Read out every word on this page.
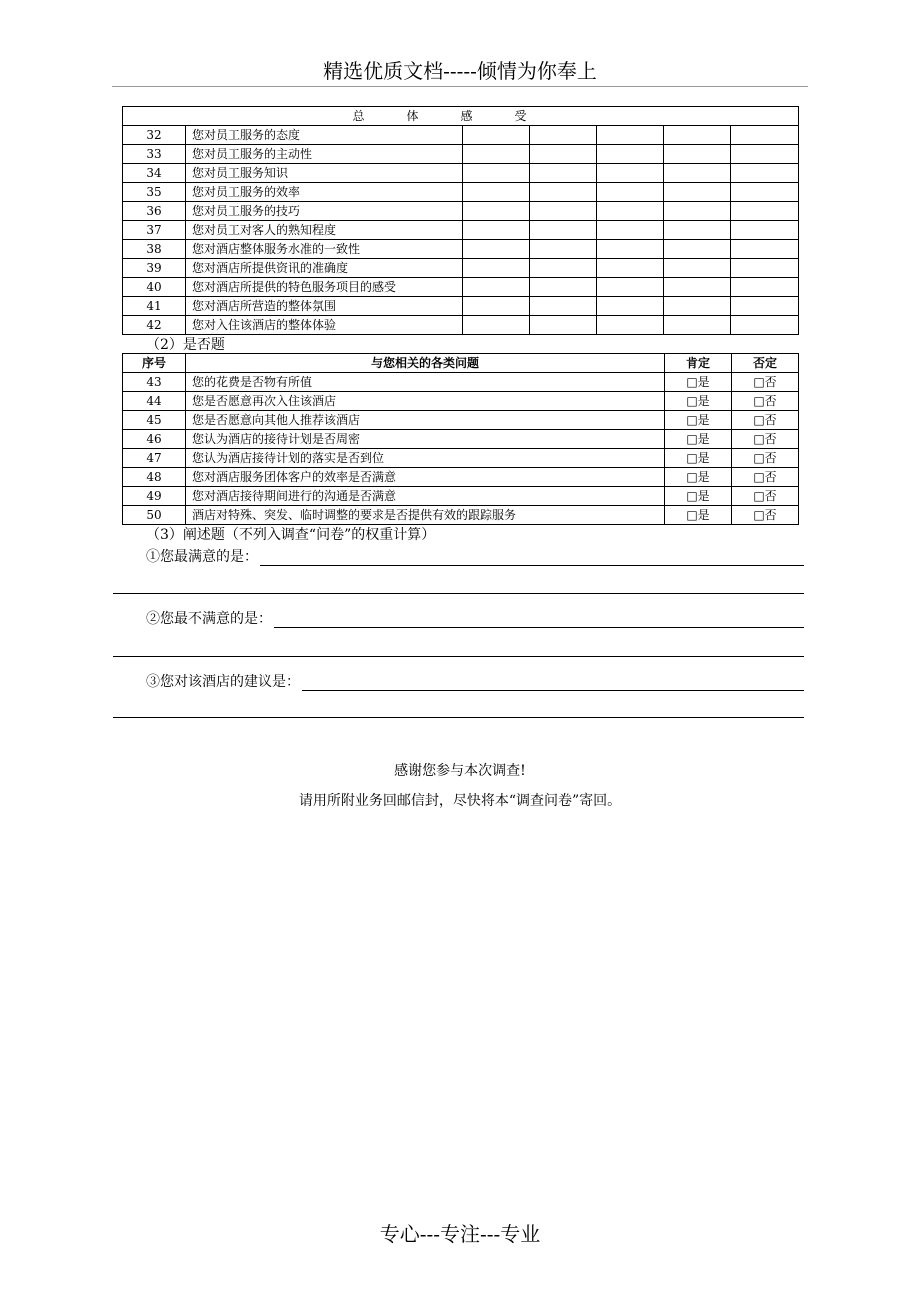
精选优质文档-----倾情为你奉上
总体感受						
32	您对员工服务的态度					
33	您对员工服务的主动性					
34	您对员工服务知识					
35	您对员工服务的效率					
36	您对员工服务的技巧					
37	您对员工对客人的熟知程度					
38	您对酒店整体服务水准的一致性					
39	您对酒店所提供资讯的准确度					
40	您对酒店所提供的特色服务项目的感受					
41	您对酒店所营造的整体氛围					
42	您对入住该酒店的整体体验					
（2）是否题
序号	与您相关的各类问题	肯定	否定
43	您的花费是否物有所值	□是	□否
44	您是否愿意再次入住该酒店	□是	□否
45	您是否愿意向其他人推荐该酒店	□是	□否
46	您认为酒店的接待计划是否周密	□是	□否
47	您认为酒店接待计划的落实是否到位	□是	□否
48	您对酒店服务团体客户的效率是否满意	□是	□否
49	您对酒店接待期间进行的沟通是否满意	□是	□否
50	酒店对特殊、突发、临时调整的要求是否提供有效的跟踪服务	□是	□否
（3）阐述题（不列入调查“问卷”的权重计算）
①您最满意的是：
②您最不满意的是：
③您对该酒店的建议是：
感谢您参与本次调查!
请用所附业务回邮信封，尽快将本“调查问卷”寄回。
专心---专注---专业
